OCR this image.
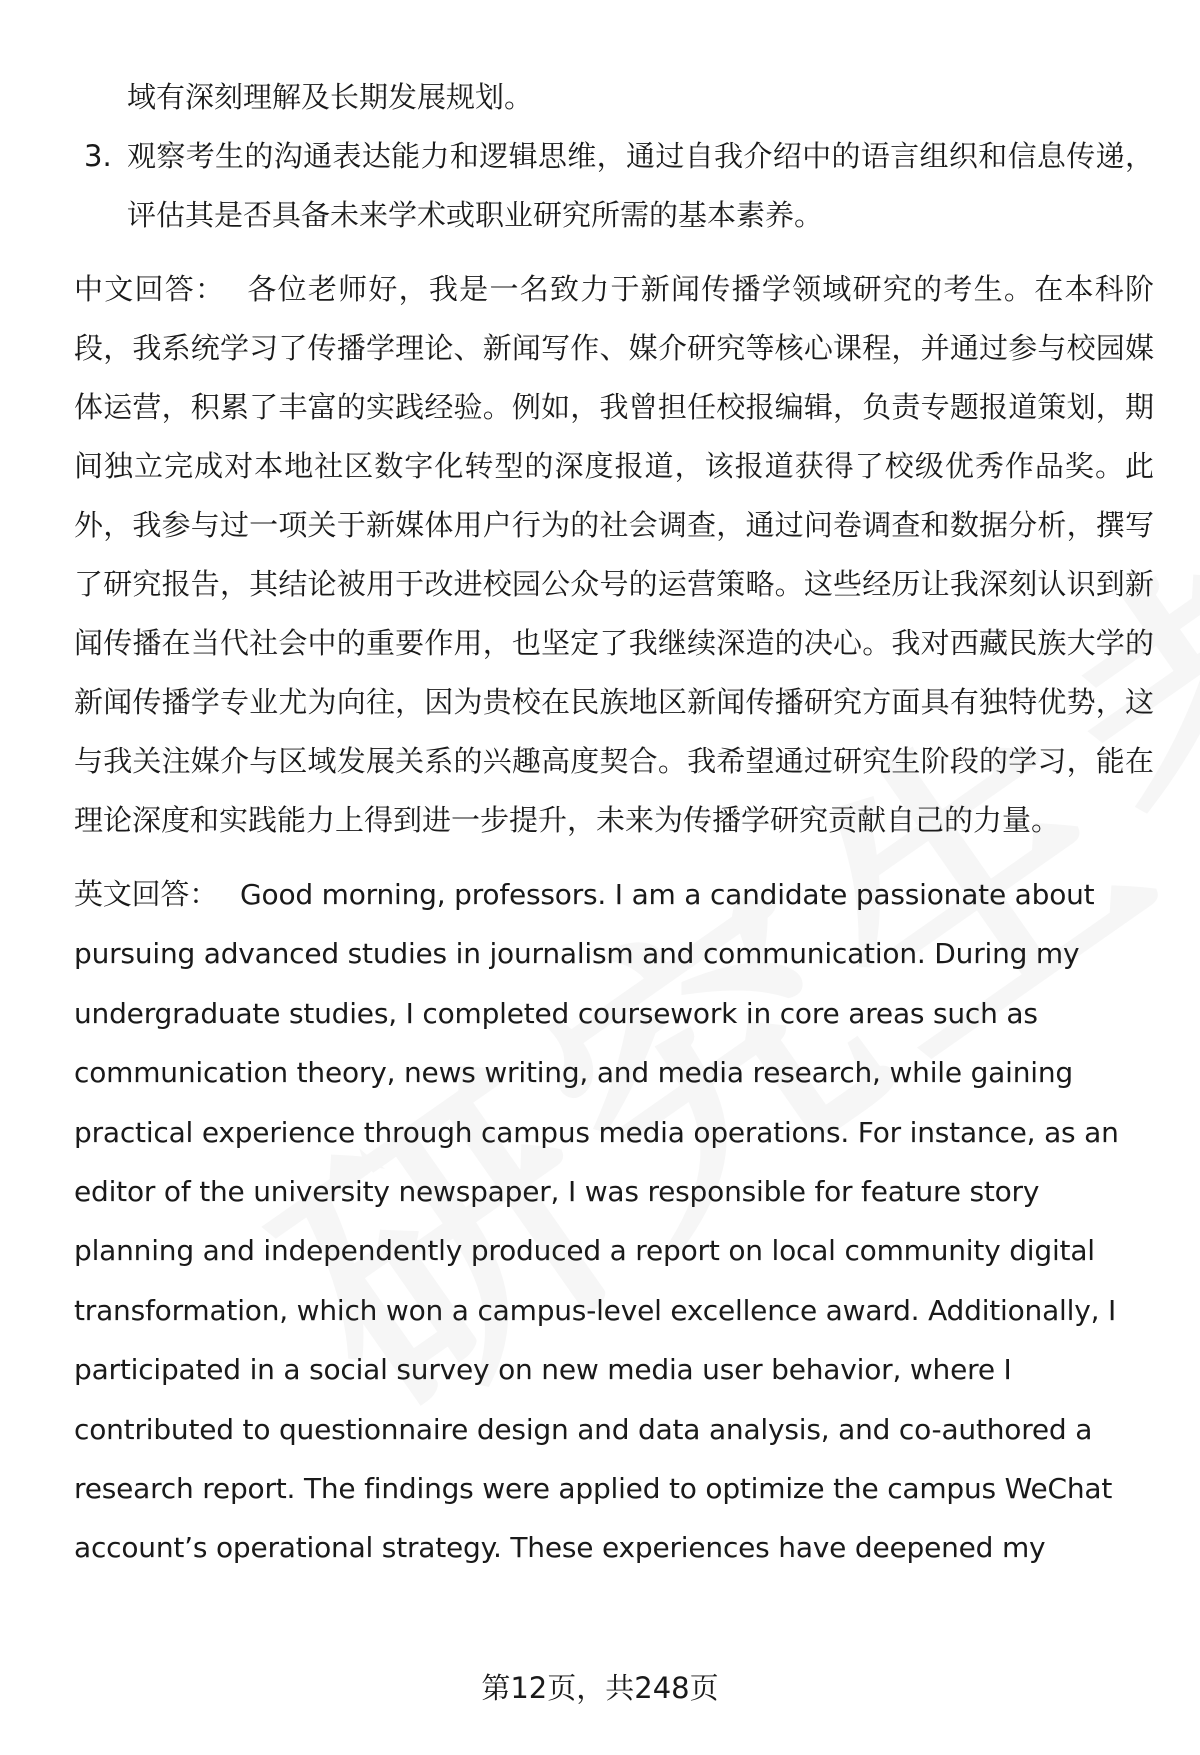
域有深刻理解及长期发展规划。
3. 观察考生的沟通表达能力和逻辑思维，通过自我介绍中的语言组织和信息传递，评估其是否具备未来学术或职业研究所需的基本素养。
中文回答： 各位老师好，我是一名致力于新闻传播学领域研究的考生。在本科阶段，我系统学习了传播学理论、新闻写作、媒介研究等核心课程，并通过参与校园媒体运营，积累了丰富的实践经验。例如，我曾担任校报编辑，负责专题报道策划，期间独立完成对本地社区数字化转型的深度报道，该报道获得了校级优秀作品奖。此外，我参与过一项关于新媒体用户行为的社会调查，通过问卷调查和数据分析，撰写了研究报告，其结论被用于改进校园公众号的运营策略。这些经历让我深刻认识到新闻传播在当代社会中的重要作用，也坚定了我继续深造的决心。我对西藏民族大学的新闻传播学专业尤为向往，因为贵校在民族地区新闻传播研究方面具有独特优势，这与我关注媒介与区域发展关系的兴趣高度契合。我希望通过研究生阶段的学习，能在理论深度和实践能力上得到进一步提升，未来为传播学研究贡献自己的力量。
英文回答： Good morning, professors. I am a candidate passionate about pursuing advanced studies in journalism and communication. During my undergraduate studies, I completed coursework in core areas such as communication theory, news writing, and media research, while gaining practical experience through campus media operations. For instance, as an editor of the university newspaper, I was responsible for feature story planning and independently produced a report on local community digital transformation, which won a campus-level excellence award. Additionally, I participated in a social survey on new media user behavior, where I contributed to questionnaire design and data analysis, and co-authored a research report. The findings were applied to optimize the campus WeChat account’s operational strategy. These experiences have deepened my
第12页，共248页
